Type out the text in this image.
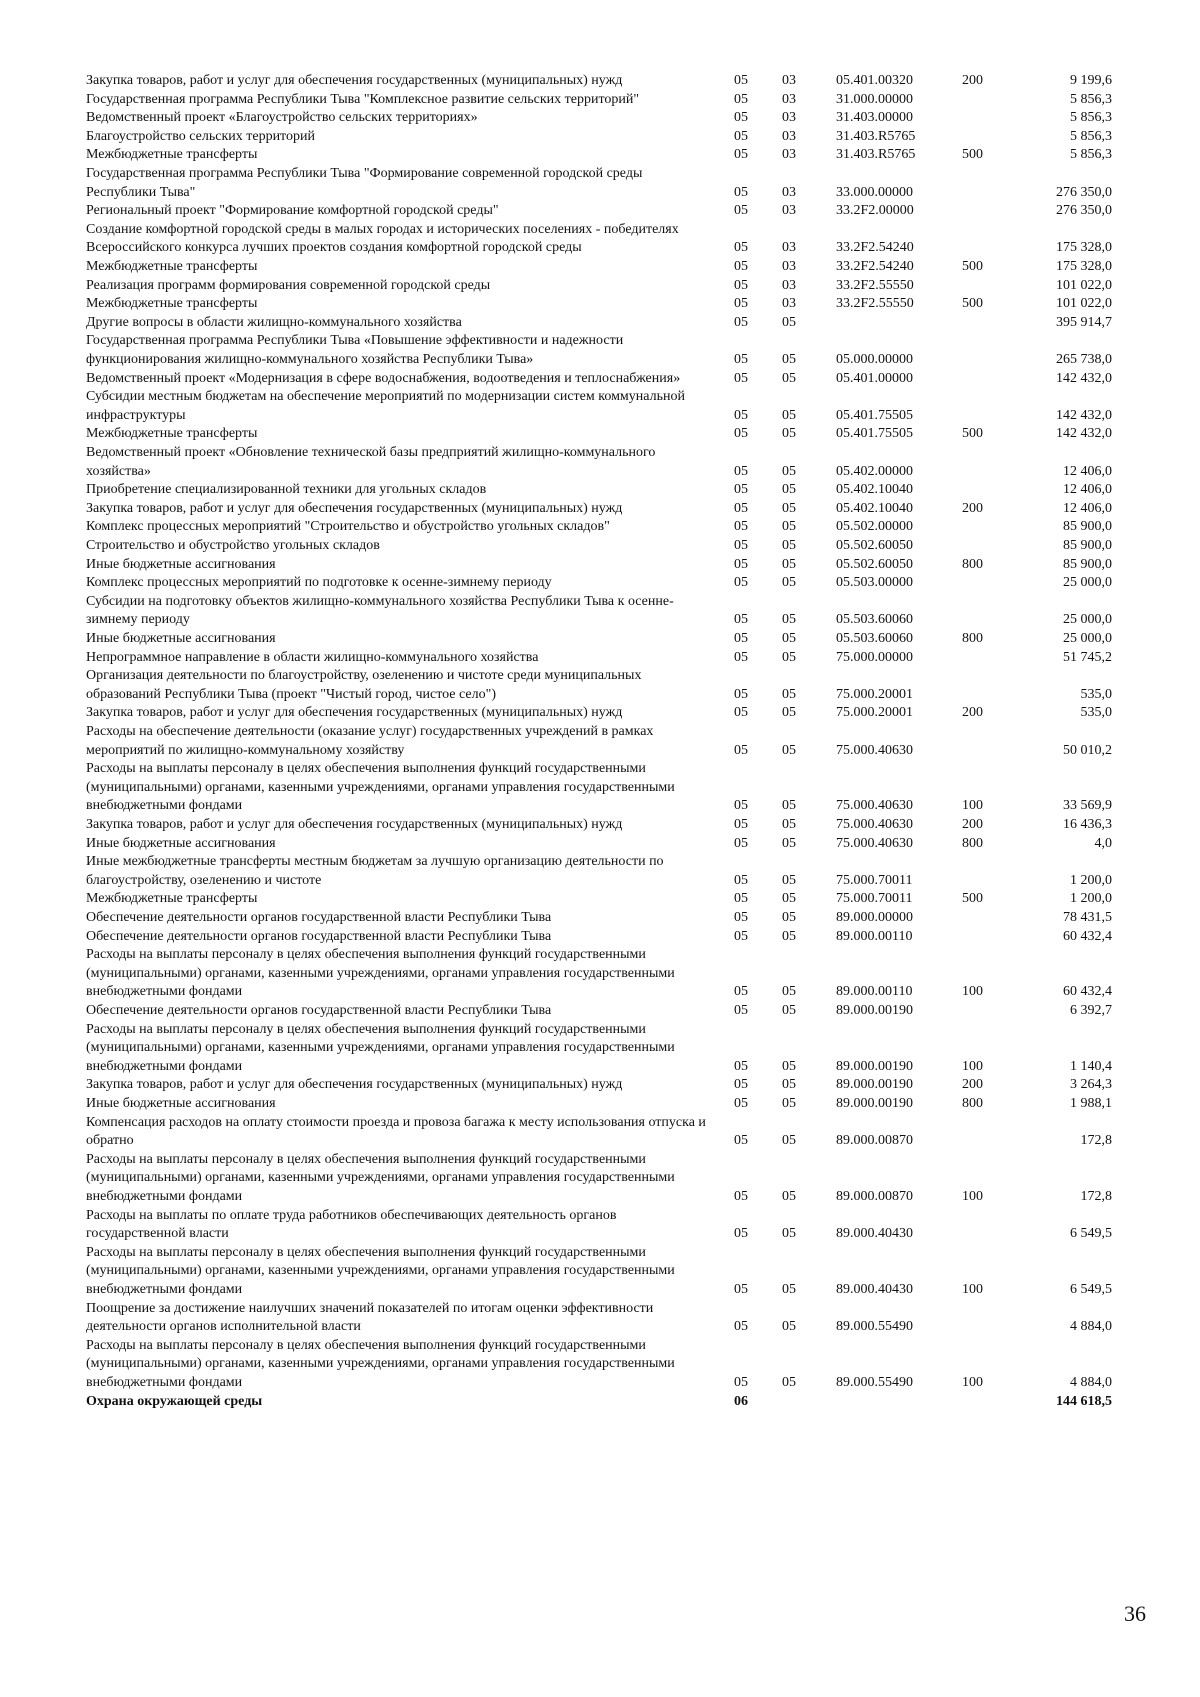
Закупка товаров, работ и услуг для обеспечения государственных (муниципальных) нужд	05 03	05.401.00320	200	9 199,6
Государственная программа Республики Тыва "Комплексное развитие сельских территорий"	05 03	31.000.00000	5 856,3
Ведомственный проект «Благоустройство сельских территориях»	05 03	31.403.00000	5 856,3
Благоустройство сельских территорий	05 03	31.403.R5765	5 856,3
Межбюджетные трансферты	05 03	31.403.R5765	500	5 856,3
Государственная программа Республики Тыва "Формирование современной городской среды Республики Тыва"	05 03	33.000.00000	276 350,0
Региональный проект "Формирование комфортной городской среды"	05 03	33.2F2.00000	276 350,0
Создание комфортной городской среды в малых городах и исторических поселениях - победителях Всероссийского конкурса лучших проектов создания комфортной городской среды	05 03	33.2F2.54240	175 328,0
Межбюджетные трансферты	05 03	33.2F2.54240	500	175 328,0
Реализация программ формирования современной городской среды	05 03	33.2F2.55550	101 022,0
Межбюджетные трансферты	05 03	33.2F2.55550	500	101 022,0
Другие вопросы в области жилищно-коммунального хозяйства	05 05	395 914,7
Государственная программа Республики Тыва «Повышение эффективности и надежности функционирования жилищно-коммунального хозяйства Республики Тыва»	05 05	05.000.00000	265 738,0
Ведомственный проект «Модернизация в сфере водоснабжения, водоотведения и теплоснабжения»	05 05	05.401.00000	142 432,0
Субсидии местным бюджетам на обеспечение мероприятий по модернизации систем коммунальной инфраструктуры	05 05	05.401.75505	142 432,0
Межбюджетные трансферты	05 05	05.401.75505	500	142 432,0
Ведомственный проект «Обновление технической базы предприятий жилищно-коммунального хозяйства»	05 05	05.402.00000	12 406,0
Приобретение специализированной техники для угольных складов	05 05	05.402.10040	12 406,0
Закупка товаров, работ и услуг для обеспечения государственных (муниципальных) нужд	05 05	05.402.10040	200	12 406,0
Комплекс процессных мероприятий "Строительство и обустройство угольных складов"	05 05	05.502.00000	85 900,0
Строительство и обустройство угольных складов	05 05	05.502.60050	85 900,0
Иные бюджетные ассигнования	05 05	05.502.60050	800	85 900,0
Комплекс процессных мероприятий по подготовке к осенне-зимнему периоду	05 05	05.503.00000	25 000,0
Субсидии на подготовку объектов жилищно-коммунального хозяйства Республики Тыва к осенне-зимнему периоду	05 05	05.503.60060	25 000,0
Иные бюджетные ассигнования	05 05	05.503.60060	800	25 000,0
Непрограммное направление в области жилищно-коммунального хозяйства	05 05	75.000.00000	51 745,2
Организация деятельности по благоустройству, озеленению и чистоте среди муниципальных образований Республики Тыва (проект "Чистый город, чистое село")	05 05	75.000.20001	535,0
Закупка товаров, работ и услуг для обеспечения государственных (муниципальных) нужд	05 05	75.000.20001	200	535,0
Расходы на обеспечение деятельности (оказание услуг) государственных учреждений в рамках мероприятий по жилищно-коммунальному хозяйству	05 05	75.000.40630	50 010,2
Расходы на выплаты персоналу в целях обеспечения выполнения функций государственными (муниципальными) органами, казенными учреждениями, органами управления государственными внебюджетными фондами	05 05	75.000.40630	100	33 569,9
Закупка товаров, работ и услуг для обеспечения государственных (муниципальных) нужд	05 05	75.000.40630	200	16 436,3
Иные бюджетные ассигнования	05 05	75.000.40630	800	4,0
Иные межбюджетные трансферты местным бюджетам за лучшую организацию деятельности по благоустройству, озеленению и чистоте	05 05	75.000.70011	1 200,0
Межбюджетные трансферты	05 05	75.000.70011	500	1 200,0
Обеспечение деятельности органов государственной власти Республики Тыва	05 05	89.000.00000	78 431,5
Обеспечение деятельности органов государственной власти Республики Тыва	05 05	89.000.00110	60 432,4
Расходы на выплаты персоналу в целях обеспечения выполнения функций государственными (муниципальными) органами, казенными учреждениями, органами управления государственными внебюджетными фондами	05 05	89.000.00110	100	60 432,4
Обеспечение деятельности органов государственной власти Республики Тыва	05 05	89.000.00190	6 392,7
Расходы на выплаты персоналу в целях обеспечения выполнения функций государственными (муниципальными) органами, казенными учреждениями, органами управления государственными внебюджетными фондами	05 05	89.000.00190	100	1 140,4
Закупка товаров, работ и услуг для обеспечения государственных (муниципальных) нужд	05 05	89.000.00190	200	3 264,3
Иные бюджетные ассигнования	05 05	89.000.00190	800	1 988,1
Компенсация расходов на оплату стоимости проезда и провоза багажа к месту использования отпуска и обратно	05 05	89.000.00870	172,8
Расходы на выплаты персоналу в целях обеспечения выполнения функций государственными (муниципальными) органами, казенными учреждениями, органами управления государственными внебюджетными фондами	05 05	89.000.00870	100	172,8
Расходы на выплаты по оплате труда работников обеспечивающих деятельность органов государственной власти	05 05	89.000.40430	6 549,5
Расходы на выплаты персоналу в целях обеспечения выполнения функций государственными (муниципальными) органами, казенными учреждениями, органами управления государственными внебюджетными фондами	05 05	89.000.40430	100	6 549,5
Поощрение за достижение наилучших значений показателей по итогам оценки эффективности деятельности органов исполнительной власти	05 05	89.000.55490	4 884,0
Расходы на выплаты персоналу в целях обеспечения выполнения функций государственными (муниципальными) органами, казенными учреждениями, органами управления государственными внебюджетными фондами	05 05	89.000.55490	100	4 884,0
Охрана окружающей среды	06	144 618,5
36
